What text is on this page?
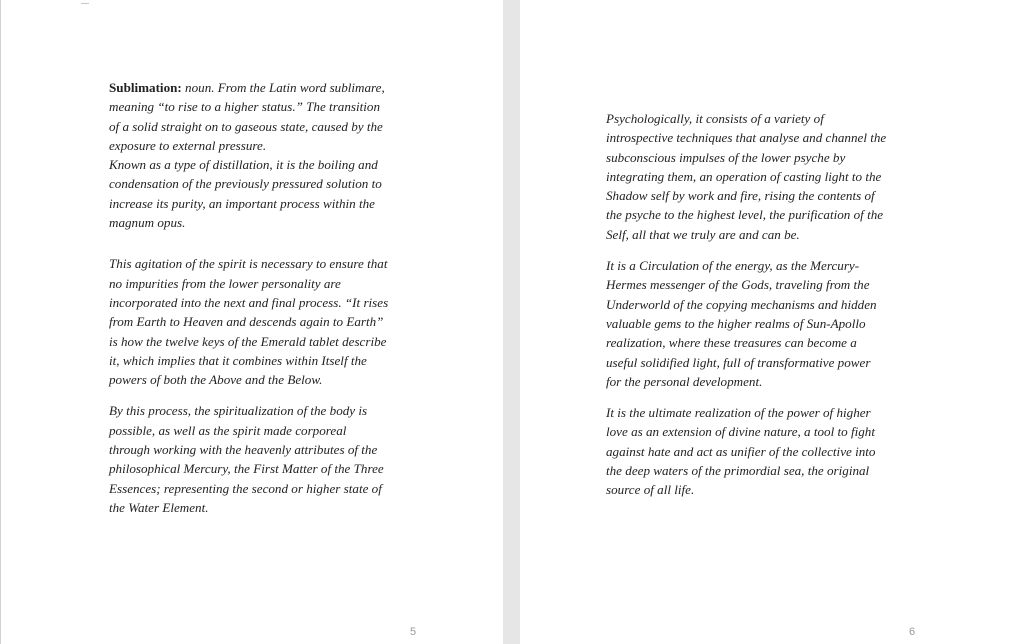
Sublimation: noun. From the Latin word sublimare,
meaning “to rise to a higher status.” The transition
of a solid straight on to gaseous state, caused by the
exposure to external pressure.

Known as a type of distillation, it is the boiling and
condensation of the previously pressured solution to
increase its purity, an important process within the
magnum opus.

This agitation of the spirit is necessary to ensure that
no impurities from the lower personality are
incorporated into the next and final process. “It rises
from Earth to Heaven and descends again to Earth”
is how the twelve keys of the Emerald tablet describe
it, which implies that it combines within Itself the
powers of both the Above and the Below.

By this process, the spiritualization of the body is
possible, as well as the spirit made corporeal
through working with the heavenly attributes of the
philosophical Mercury, the First Matter of the Three
Essences; representing the second or higher state of
the Water Element.

5

Psychologically, it consists of a variety of
introspective techniques that analyse and channel the
subconscious impulses of the lower psyche by
integrating them, an operation of casting light to the
Shadow self by work and fire, rising the contents of
the psyche to the highest level, the purification of the
Self, all that we truly are and can be.

It is a Circulation of the energy, as the Mercury-
Hermes messenger of the Gods, traveling from the
Underworld of the copying mechanisms and hidden
valuable gems to the higher realms of Sun-Apollo
realization, where these treasures can become a
useful solidified light, full of transformative power
for the personal development.

It is the ultimate realization of the power of higher
love as an extension of divine nature, a tool to fight
against hate and act as unifier of the collective into
the deep waters of the primordial sea, the original
source of all life.

6
